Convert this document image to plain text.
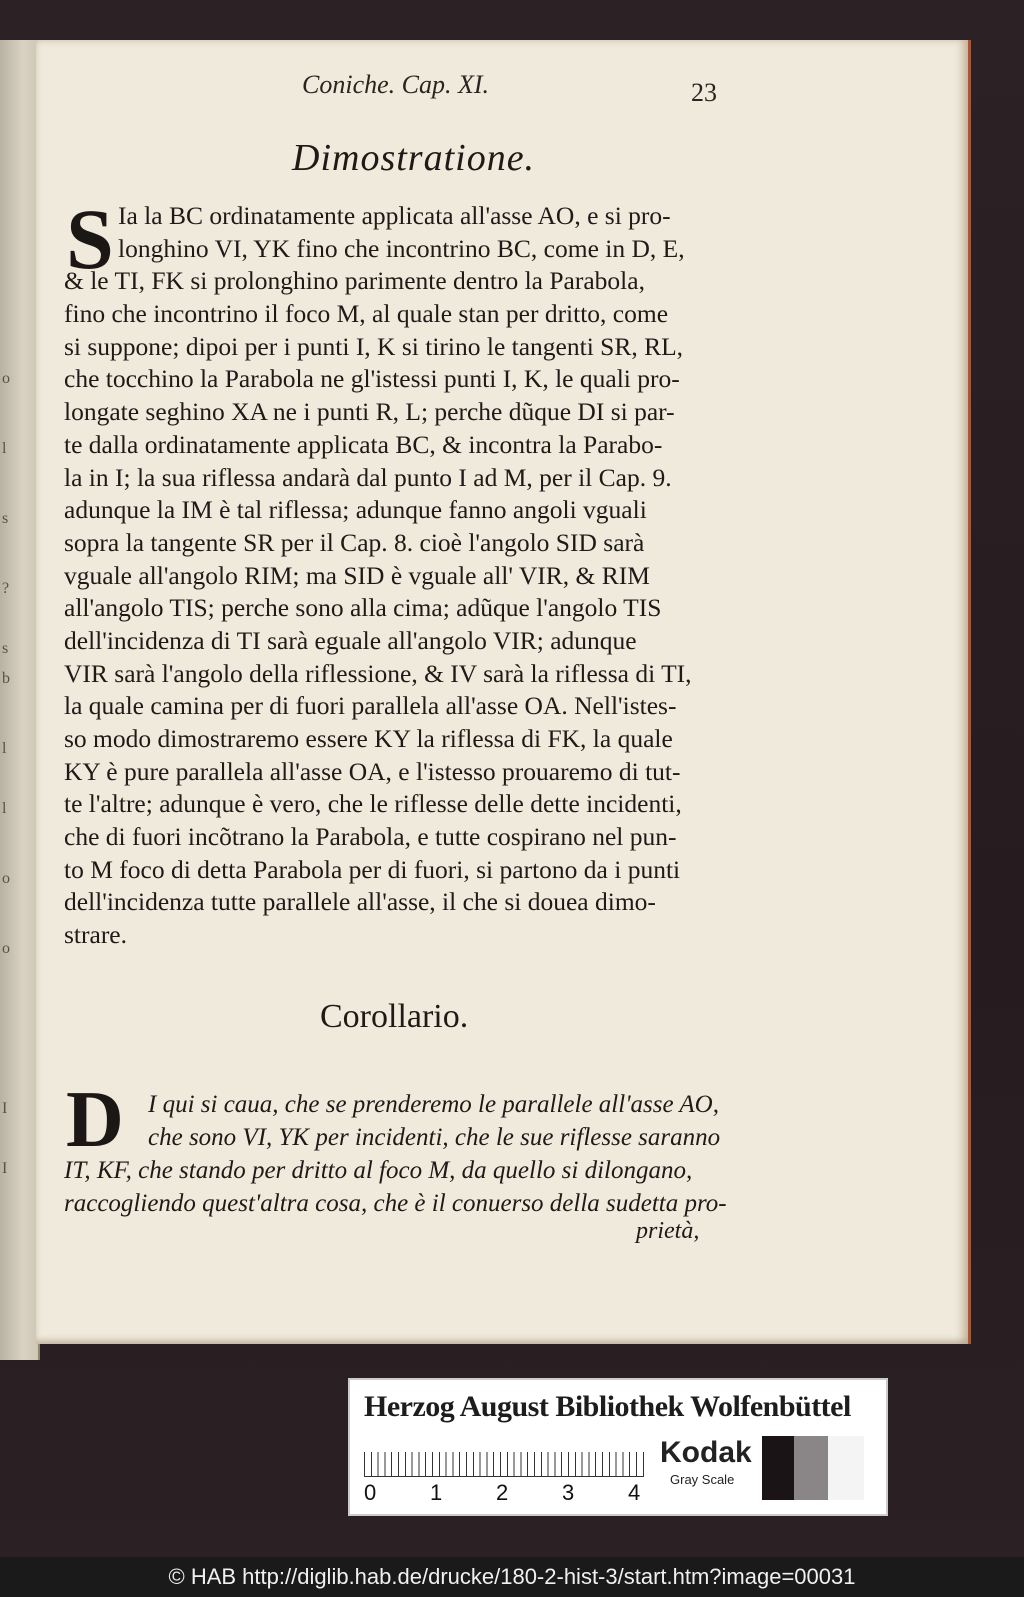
o
l
s
?
s
b
l
l
o
o
I
I
Coniche. Cap. XI.	23
Dimostratione.
S Ia la BC ordinatamente applicata all'asse AO, e si pro-
longhino VI, YK fino che incontrino BC, come in D, E,
& le TI, FK si prolonghino parimente dentro la Parabola,
fino che incontrino il foco M, al quale stan per dritto, come
si suppone; dipoi per i punti I, K si tirino le tangenti SR, RL,
che tocchino la Parabola ne gl'istessi punti I, K, le quali pro-
longate seghino XA ne i punti R, L; perche dũque DI si par-
te dalla ordinatamente applicata BC, & incontra la Parabo-
la in I; la sua riflessa andarà dal punto I ad M, per il Cap. 9.
adunque la IM è tal riflessa; adunque fanno angoli vguali
sopra la tangente SR per il Cap. 8. cioè l'angolo SID sarà
vguale all'angolo RIM; ma SID è vguale all' VIR, & RIM
all'angolo TIS; perche sono alla cima; adũque l'angolo TIS
dell'incidenza di TI sarà eguale all'angolo VIR; adunque
VIR sarà l'angolo della riflessione, & IV sarà la riflessa di TI,
la quale camina per di fuori parallela all'asse OA. Nell'istes-
so modo dimostraremo essere KY la riflessa di FK, la quale
KY è pure parallela all'asse OA, e l'istesso prouaremo di tut-
te l'altre; adunque è vero, che le riflesse delle dette incidenti,
che di fuori incõtrano la Parabola, e tutte cospirano nel pun-
to M foco di detta Parabola per di fuori, si partono da i punti
dell'incidenza tutte parallele all'asse, il che si douea dimo-
strare.
Corollario.
D I qui si caua, che se prenderemo le parallele all'asse AO,
che sono VI, YK per incidenti, che le sue riflesse saranno
IT, KF, che stando per dritto al foco M, da quello si dilongano,
raccogliendo quest'altra cosa, che è il conuerso della sudetta pro-
prietà,
Herzog August Bibliothek Wolfenbüttel
0 1 2 3 4
Kodak
Gray Scale
© HAB http://diglib.hab.de/drucke/180-2-hist-3/start.htm?image=00031
